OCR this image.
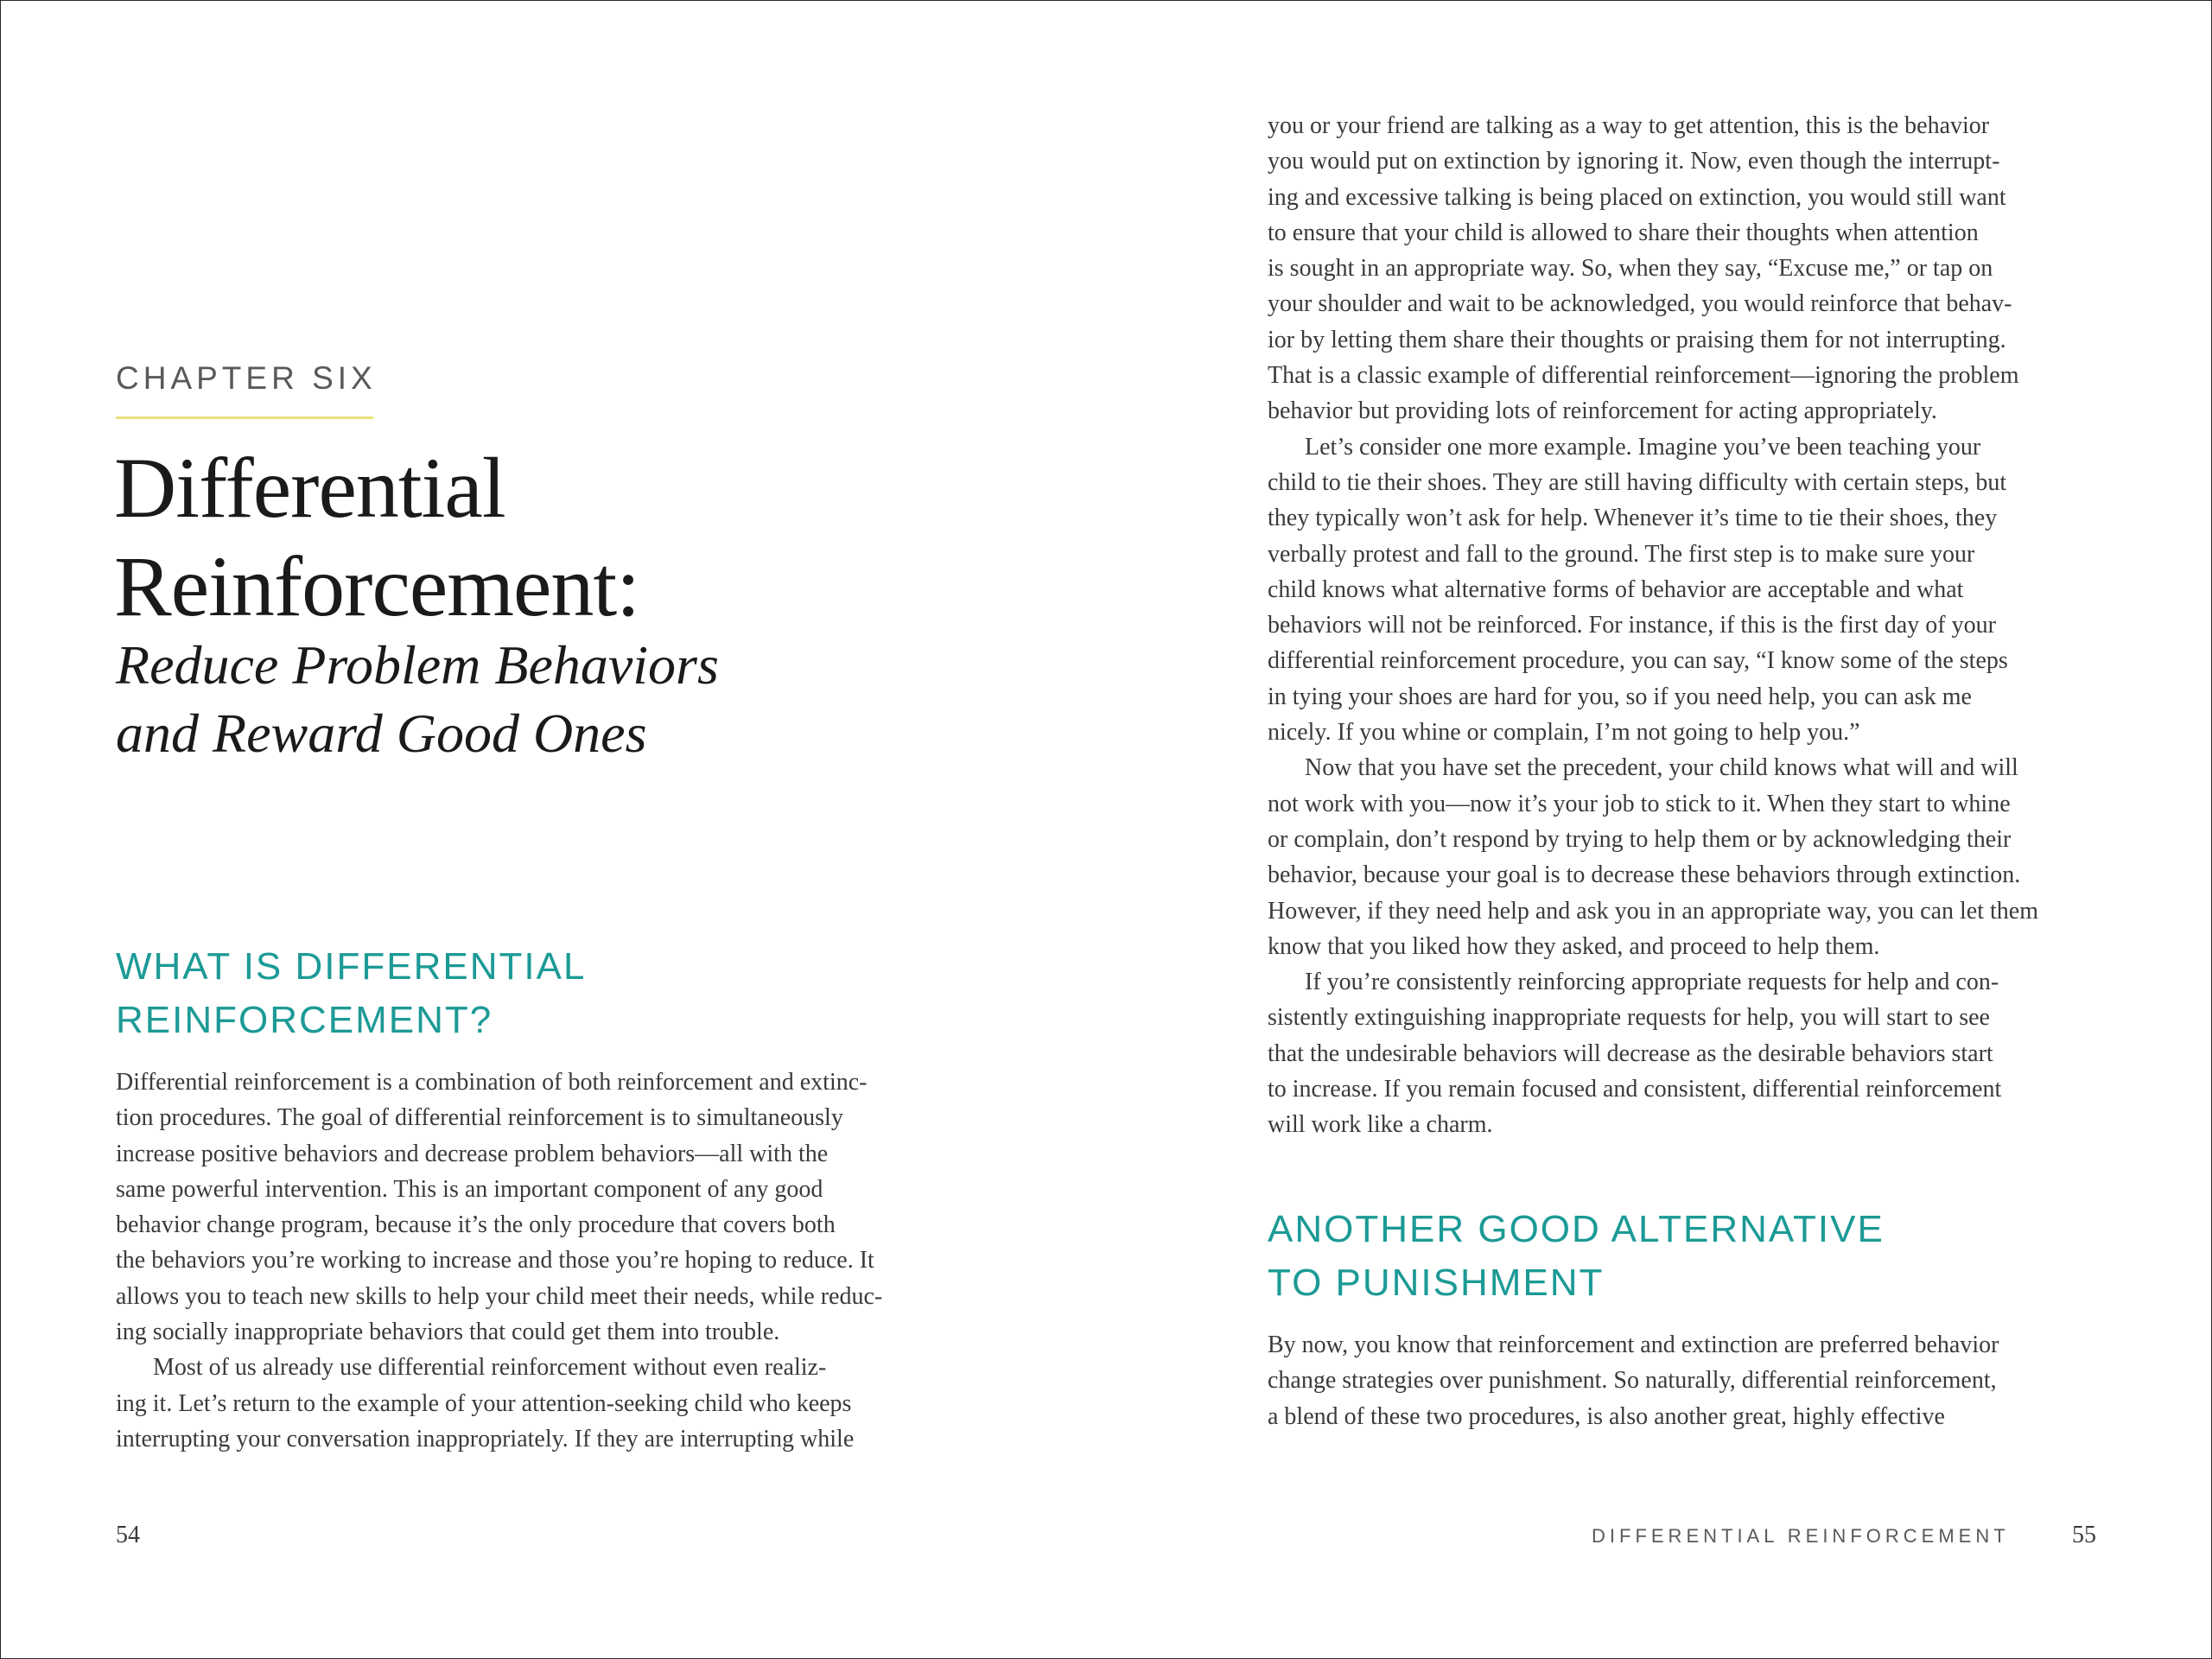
CHAPTER SIX
Differential
Reinforcement:
Reduce Problem Behaviors
and Reward Good Ones
WHAT IS DIFFERENTIAL
REINFORCEMENT?
Differential reinforcement is a combination of both reinforcement and extinc-
tion procedures. The goal of differential reinforcement is to simultaneously
increase positive behaviors and decrease problem behaviors—all with the
same powerful intervention. This is an important component of any good
behavior change program, because it’s the only procedure that covers both
the behaviors you’re working to increase and those you’re hoping to reduce. It
allows you to teach new skills to help your child meet their needs, while reduc-
ing socially inappropriate behaviors that could get them into trouble.
Most of us already use differential reinforcement without even realiz-
ing it. Let’s return to the example of your attention-seeking child who keeps
interrupting your conversation inappropriately. If they are interrupting while
54
you or your friend are talking as a way to get attention, this is the behavior
you would put on extinction by ignoring it. Now, even though the interrupt-
ing and excessive talking is being placed on extinction, you would still want
to ensure that your child is allowed to share their thoughts when attention
is sought in an appropriate way. So, when they say, “Excuse me,” or tap on
your shoulder and wait to be acknowledged, you would reinforce that behav-
ior by letting them share their thoughts or praising them for not interrupting.
That is a classic example of differential reinforcement—ignoring the problem
behavior but providing lots of reinforcement for acting appropriately.
Let’s consider one more example. Imagine you’ve been teaching your
child to tie their shoes. They are still having difficulty with certain steps, but
they typically won’t ask for help. Whenever it’s time to tie their shoes, they
verbally protest and fall to the ground. The first step is to make sure your
child knows what alternative forms of behavior are acceptable and what
behaviors will not be reinforced. For instance, if this is the first day of your
differential reinforcement procedure, you can say, “I know some of the steps
in tying your shoes are hard for you, so if you need help, you can ask me
nicely. If you whine or complain, I’m not going to help you.”
Now that you have set the precedent, your child knows what will and will
not work with you—now it’s your job to stick to it. When they start to whine
or complain, don’t respond by trying to help them or by acknowledging their
behavior, because your goal is to decrease these behaviors through extinction.
However, if they need help and ask you in an appropriate way, you can let them
know that you liked how they asked, and proceed to help them.
If you’re consistently reinforcing appropriate requests for help and con-
sistently extinguishing inappropriate requests for help, you will start to see
that the undesirable behaviors will decrease as the desirable behaviors start
to increase. If you remain focused and consistent, differential reinforcement
will work like a charm.
ANOTHER GOOD ALTERNATIVE
TO PUNISHMENT
By now, you know that reinforcement and extinction are preferred behavior
change strategies over punishment. So naturally, differential reinforcement,
a blend of these two procedures, is also another great, highly effective
DIFFERENTIAL REINFORCEMENT	55
